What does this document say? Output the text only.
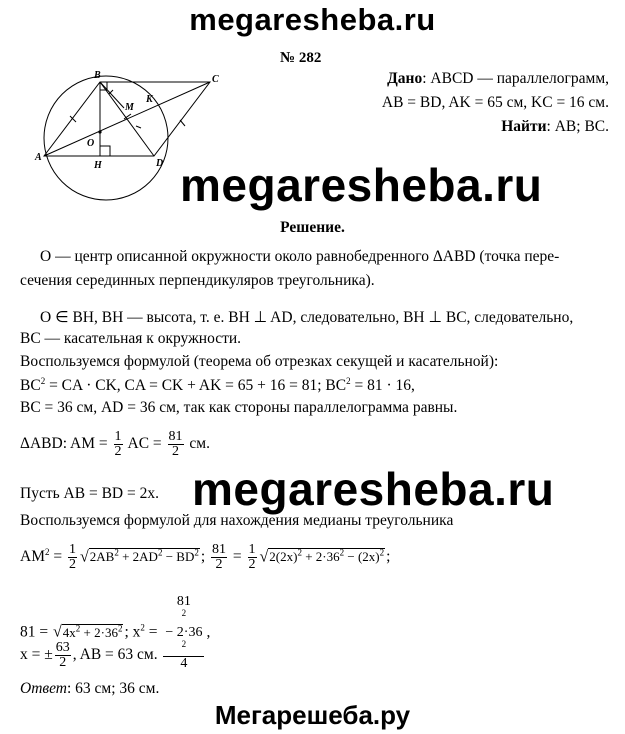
megaresheba.ru
megaresheba.ru
megaresheba.ru
Мегарешеба.ру
№ 282
Дано: ABCD — параллелограмм,
AB = BD, AK = 65 см, KC = 16 см.
Найти: AB; BC.
A
B	C
D
M
K
O
H
Решение.
O — центр описанной окружности около равнобедренного ΔABD (точка пере-
сечения серединных перпендикуляров треугольника).
O ∈ BH, BH — высота, т. е. BH ⊥ AD, следовательно, BH ⊥ BC, следовательно,
BC — касательная к окружности.
Воспользуемся формулой (теорема об отрезках секущей и касательной):
$BC^2$ = CA · CK, CA = CK + AK = 65 + 16 = 81; $BC^2 = 81 \cdot 16$,
BC = 36 см, AD = 36 см, так как стороны параллелограмма равны.
ΔABD: AM = $\frac{1}{2}$ AC = $\frac{81}{2}$ см.
Пусть AB = BD = 2x.
Воспользуемся формулой для нахождения медианы треугольника
$AM^2 = \frac{1}{2} √2AB^2 + 2AD^2 - BD^2$ ; $\frac{81}{2} = \frac{1}{2} √2(2x)^2 + 2\cdot 36^2 - (2x)^2$ ;
$81 = √4x^2 + 2\cdot 36^2$ ; $x^2 = 81$
$^2$
− 2·36
$^2$
4 ,
x = ± $\frac{63}{2}$ , AB = 63 см.
Ответ: 63 см; 36 см.
